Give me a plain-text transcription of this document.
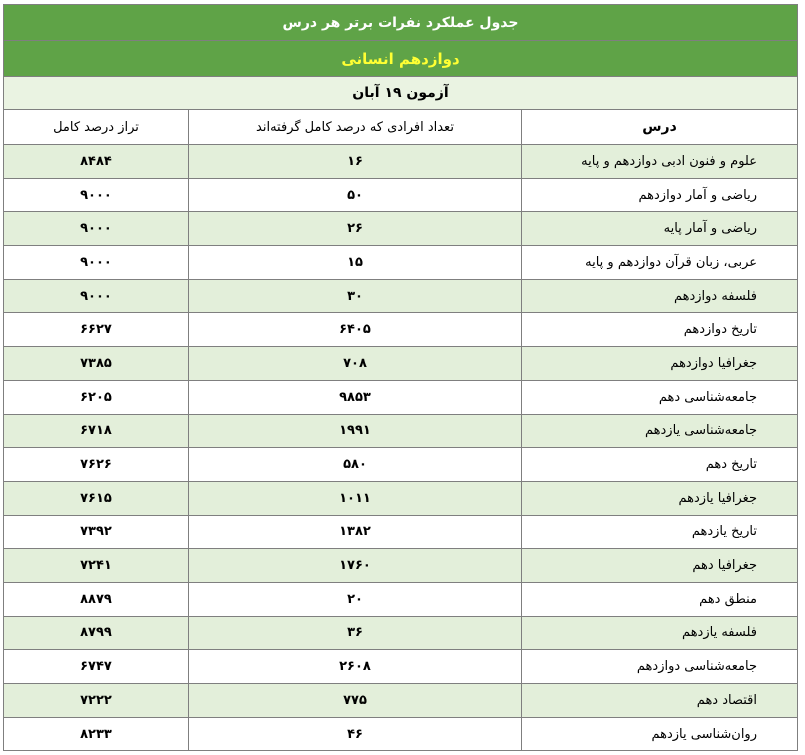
جدول عملکرد نفرات برتر هر درس		
دوازدهم انسانی		
آزمون ۱۹ آبان		
درس	تعداد افرادی که درصد کامل گرفته‌اند	تراز درصد کامل
علوم و فنون ادبی دوازدهم و پایه	۱۶	۸۴۸۴
ریاضی و آمار دوازدهم	۵۰	۹۰۰۰
ریاضی و آمار پایه	۲۶	۹۰۰۰
عربی، زبان قرآن دوازدهم و پایه	۱۵	۹۰۰۰
فلسفه دوازدهم	۳۰	۹۰۰۰
تاریخ دوازدهم	۶۴۰۵	۶۶۲۷
جغرافیا دوازدهم	۷۰۸	۷۳۸۵
جامعه‌شناسی دهم	۹۸۵۳	۶۲۰۵
جامعه‌شناسی یازدهم	۱۹۹۱	۶۷۱۸
تاریخ دهم	۵۸۰	۷۶۲۶
جغرافیا یازدهم	۱۰۱۱	۷۶۱۵
تاریخ یازدهم	۱۳۸۲	۷۳۹۲
جغرافیا دهم	۱۷۶۰	۷۲۴۱
منطق دهم	۲۰	۸۸۷۹
فلسفه یازدهم	۳۶	۸۷۹۹
جامعه‌شناسی دوازدهم	۲۶۰۸	۶۷۴۷
اقتصاد دهم	۷۷۵	۷۲۲۲
روان‌شناسی یازدهم	۴۶	۸۲۳۳
